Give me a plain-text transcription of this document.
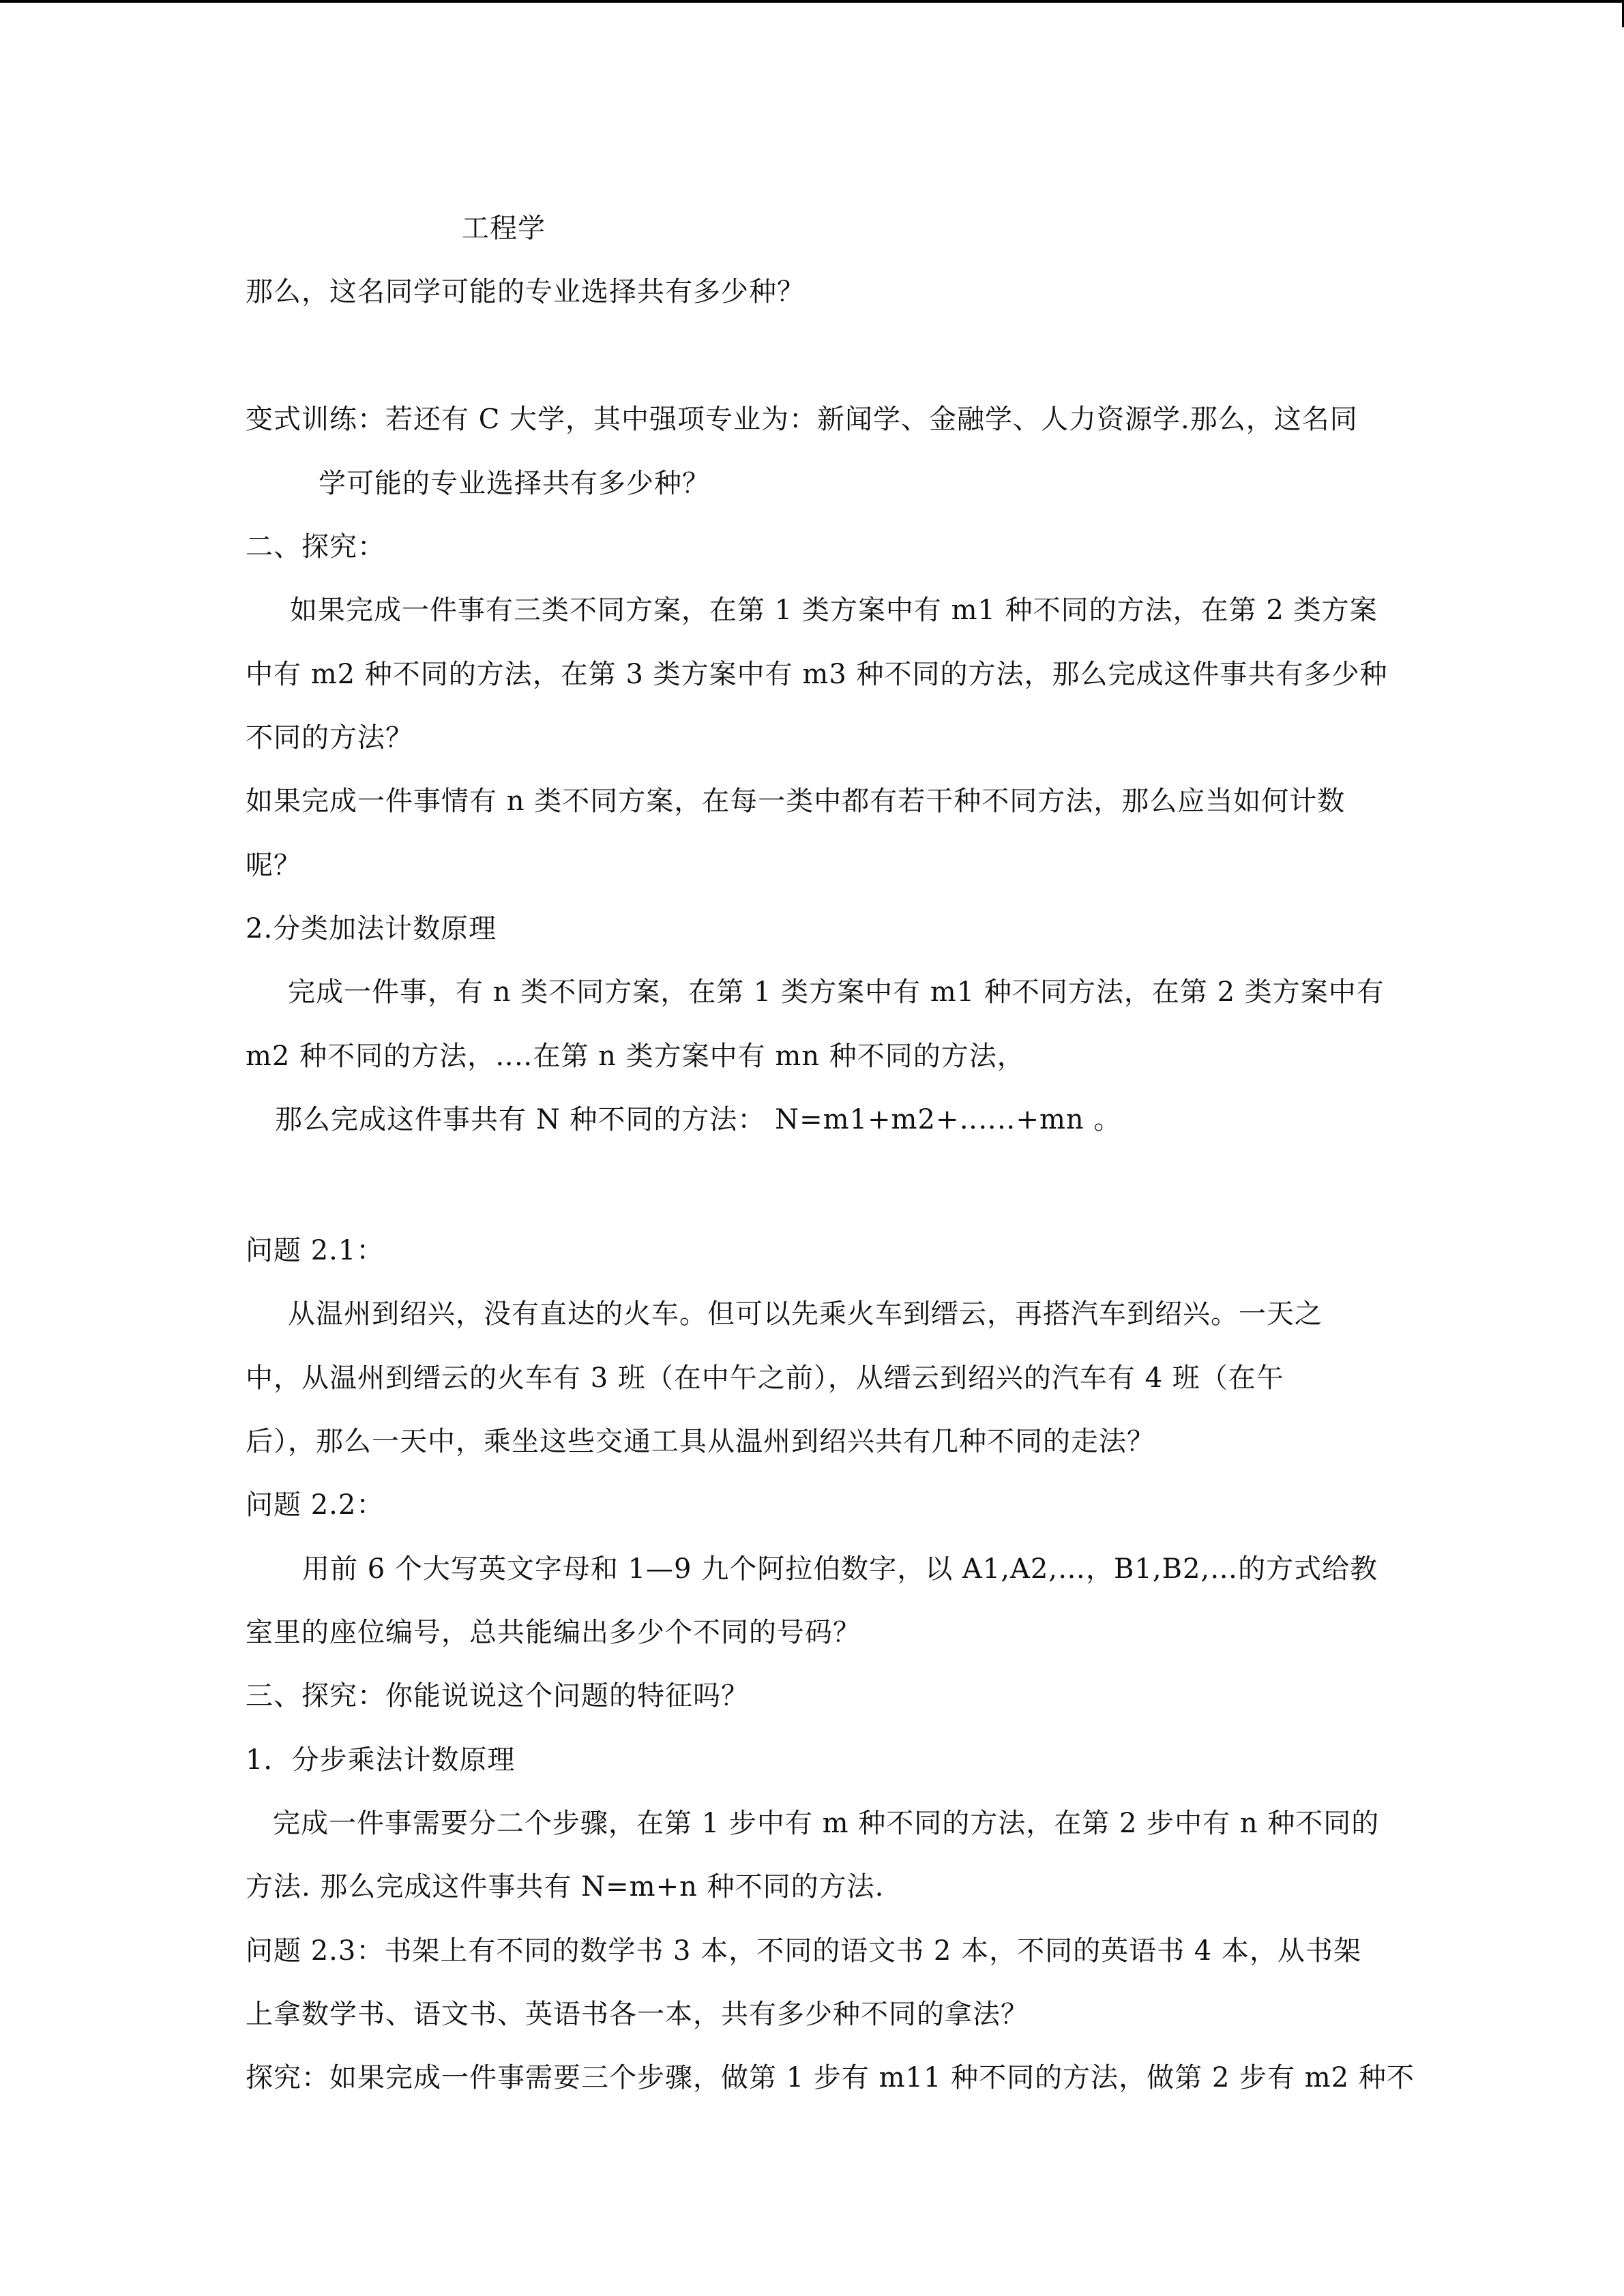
工程学
那么，这名同学可能的专业选择共有多少种？
变式训练：若还有 C 大学，其中强项专业为：新闻学、金融学、人力资源学.那么，这名同
学可能的专业选择共有多少种？
二、探究：
如果完成一件事有三类不同方案，在第 1 类方案中有 m1 种不同的方法，在第 2 类方案
中有 m2 种不同的方法，在第 3 类方案中有 m3 种不同的方法，那么完成这件事共有多少种
不同的方法？
如果完成一件事情有 n 类不同方案，在每一类中都有若干种不同方法，那么应当如何计数
呢？
2.分类加法计数原理
完成一件事，有 n 类不同方案，在第 1 类方案中有 m1 种不同方法，在第 2 类方案中有
m2 种不同的方法，‥‥在第 n 类方案中有 mn 种不同的方法，
那么完成这件事共有 N 种不同的方法： N=m1+m2+‥‥‥+mn 。
问题 2.1：
从温州到绍兴，没有直达的火车。但可以先乘火车到缙云，再搭汽车到绍兴。一天之
中，从温州到缙云的火车有 3 班（在中午之前），从缙云到绍兴的汽车有 4 班（在午
后），那么一天中，乘坐这些交通工具从温州到绍兴共有几种不同的走法？
问题 2.2：
用前 6 个大写英文字母和 1—9 九个阿拉伯数字，以 A1,A2,…，B1,B2,…的方式给教
室里的座位编号，总共能编出多少个不同的号码？
三、探究：你能说说这个问题的特征吗？
1．分步乘法计数原理
完成一件事需要分二个步骤，在第 1 步中有 m 种不同的方法，在第 2 步中有 n 种不同的
方法. 那么完成这件事共有 N=m+n 种不同的方法.
问题 2.3：书架上有不同的数学书 3 本，不同的语文书 2 本，不同的英语书 4 本，从书架
上拿数学书、语文书、英语书各一本，共有多少种不同的拿法？
探究：如果完成一件事需要三个步骤，做第 1 步有 m11 种不同的方法，做第 2 步有 m2 种不
